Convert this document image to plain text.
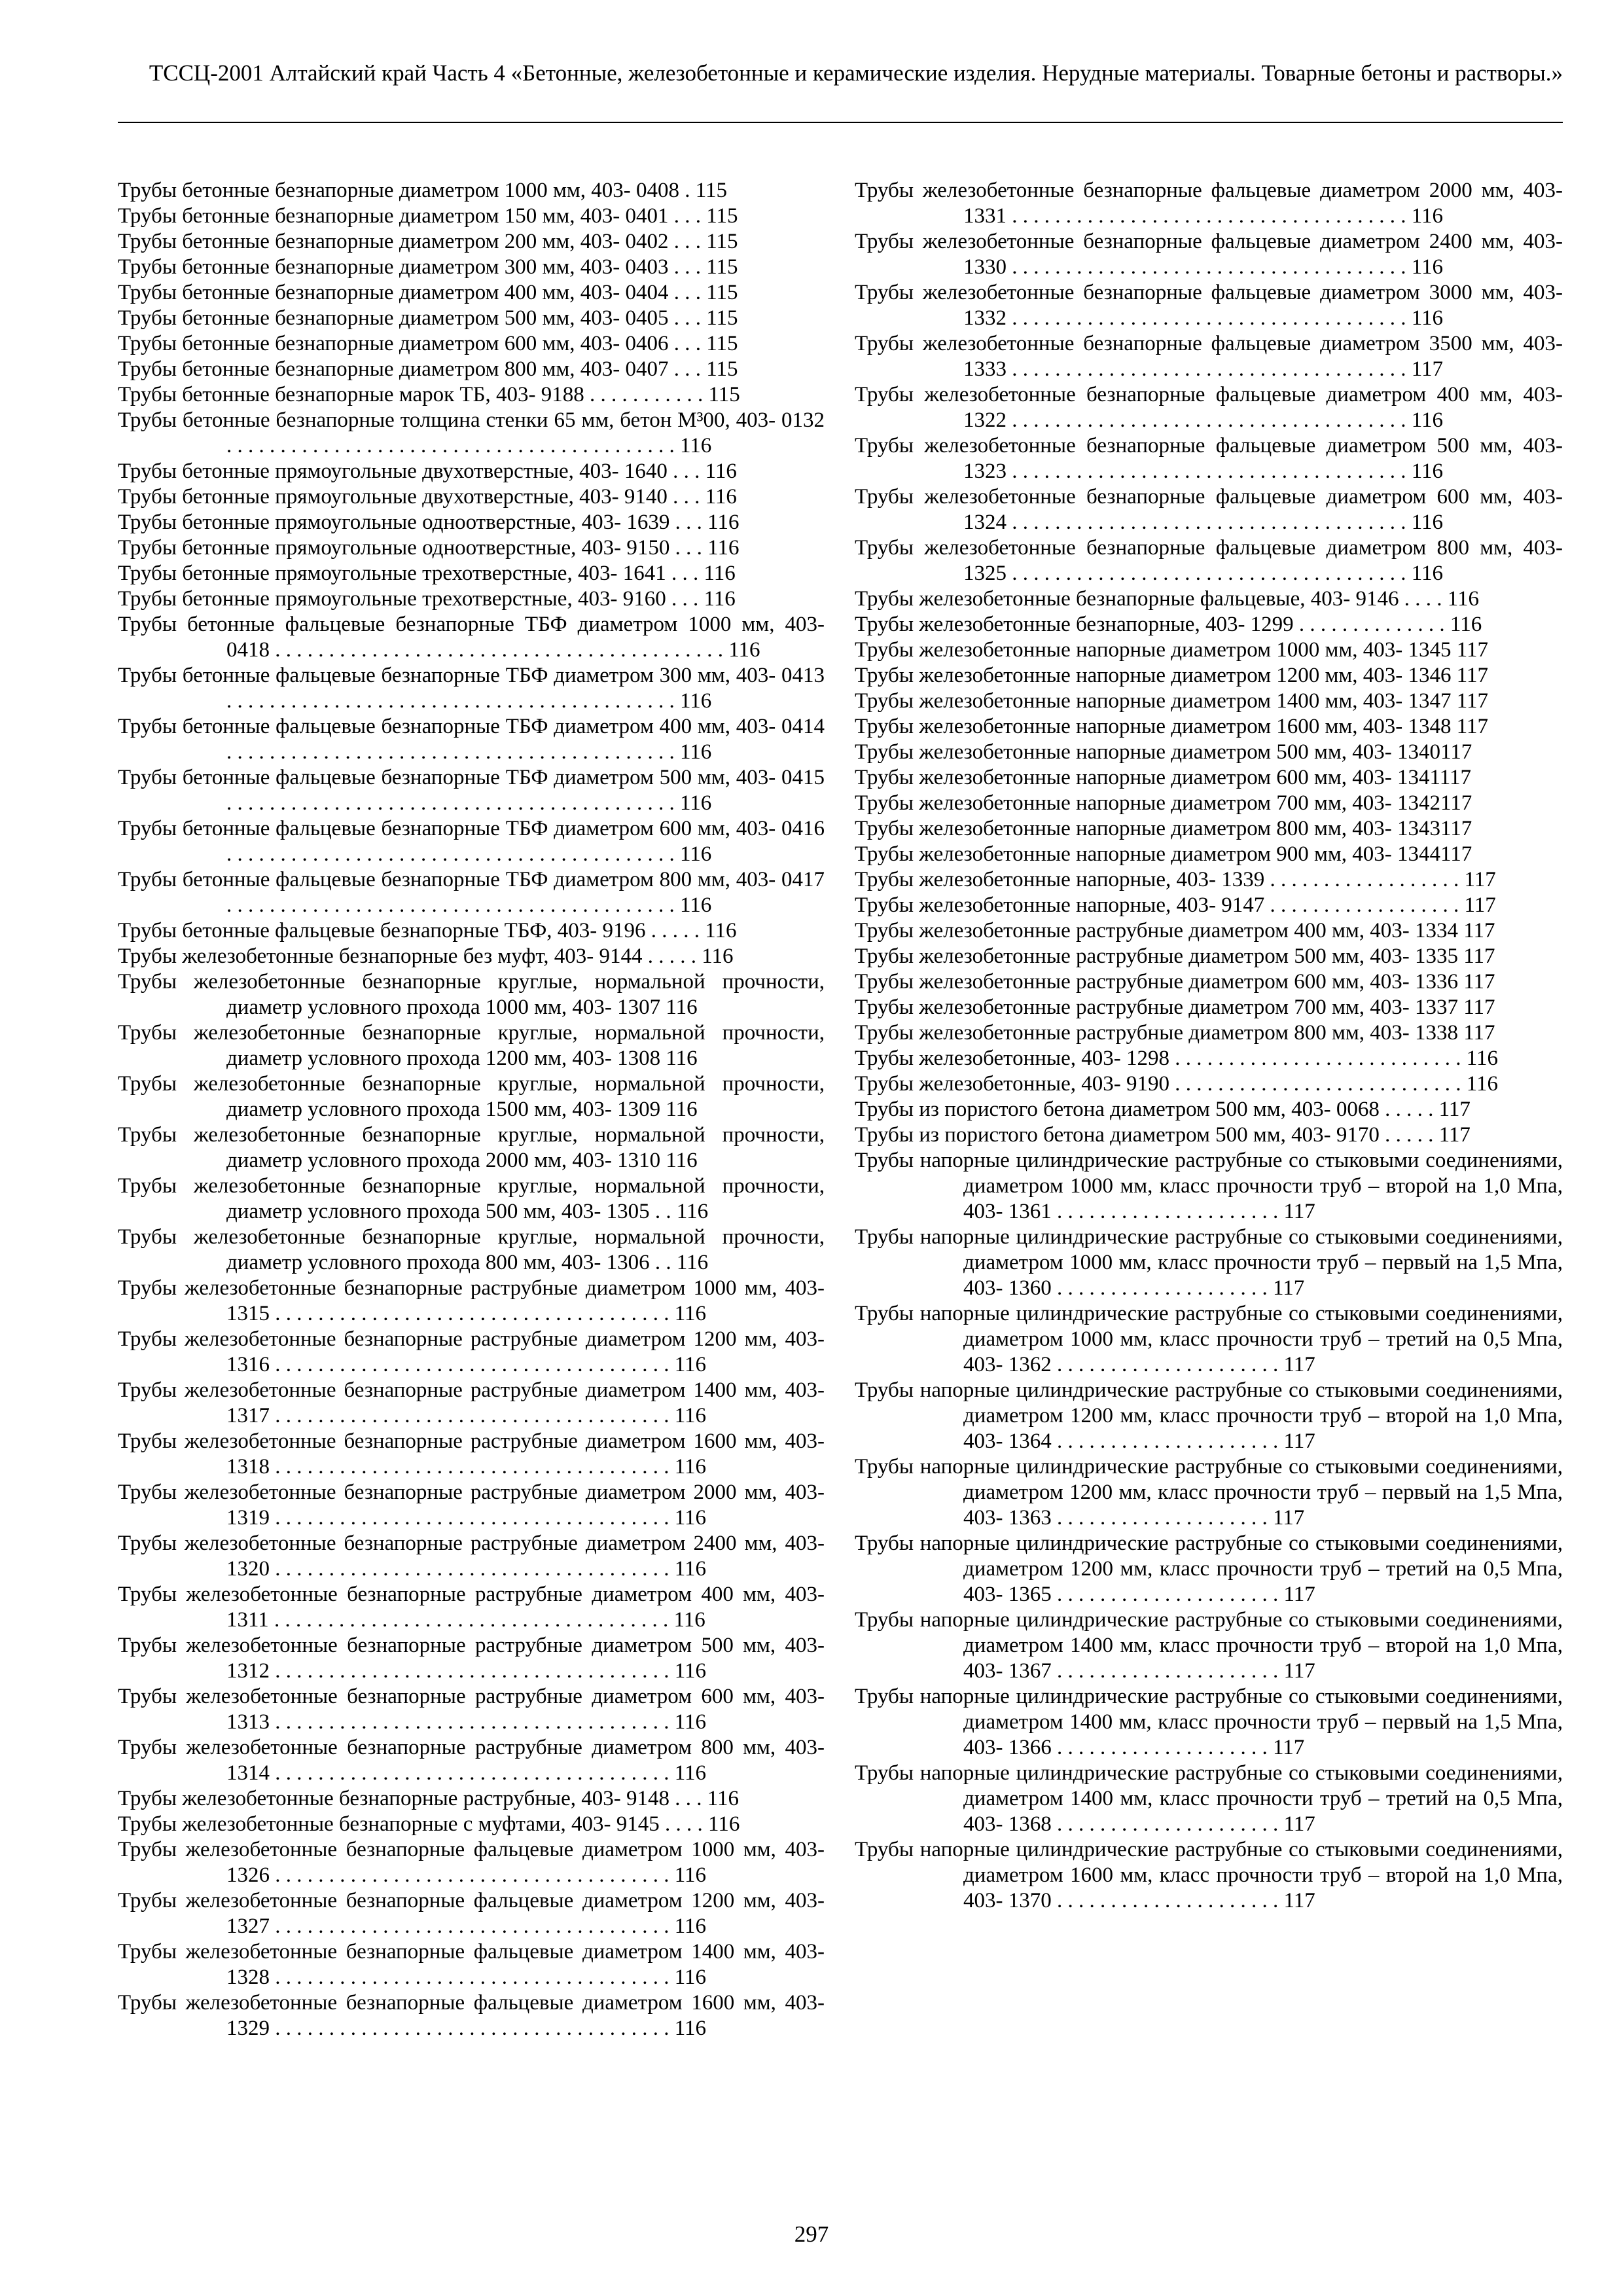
ТССЦ-2001 Алтайский край Часть 4 «Бетонные, железобетонные и керамические изделия. Нерудные материалы. Товарные бетоны и растворы.»

Трубы бетонные безнапорные диаметром 1000 мм, 403- 0408 . 115

Трубы бетонные безнапорные диаметром 150 мм, 403- 0401 . . . 115

Трубы бетонные безнапорные диаметром 200 мм, 403- 0402 . . . 115

Трубы бетонные безнапорные диаметром 300 мм, 403- 0403 . . . 115

Трубы бетонные безнапорные диаметром 400 мм, 403- 0404 . . . 115

Трубы бетонные безнапорные диаметром 500 мм, 403- 0405 . . . 115

Трубы бетонные безнапорные диаметром 600 мм, 403- 0406 . . . 115

Трубы бетонные безнапорные диаметром 800 мм, 403- 0407 . . . 115

Трубы бетонные безнапорные марок ТБ, 403- 9188 . . . . . . . . . . . 115

Трубы бетонные безнапорные толщина стенки 65 мм, бетон М³00, 403- 0132 . . . . . . . . . . . . . . . . . . . . . . . . . . . . . . . . . . . . . . . . . . 116

Трубы бетонные прямоугольные двухотверстные, 403- 1640 . . . 116

Трубы бетонные прямоугольные двухотверстные, 403- 9140 . . . 116

Трубы бетонные прямоугольные одноотверстные, 403- 1639 . . . 116

Трубы бетонные прямоугольные одноотверстные, 403- 9150 . . . 116

Трубы бетонные прямоугольные трехотверстные, 403- 1641 . . . 116

Трубы бетонные прямоугольные трехотверстные, 403- 9160 . . . 116

Трубы бетонные фальцевые безнапорные ТБФ диаметром 1000 мм, 403- 0418 . . . . . . . . . . . . . . . . . . . . . . . . . . . . . . . . . . . . . . . . . . 116

Трубы бетонные фальцевые безнапорные ТБФ диаметром 300 мм, 403- 0413 . . . . . . . . . . . . . . . . . . . . . . . . . . . . . . . . . . . . . . . . . . 116

Трубы бетонные фальцевые безнапорные ТБФ диаметром 400 мм, 403- 0414 . . . . . . . . . . . . . . . . . . . . . . . . . . . . . . . . . . . . . . . . . . 116

Трубы бетонные фальцевые безнапорные ТБФ диаметром 500 мм, 403- 0415 . . . . . . . . . . . . . . . . . . . . . . . . . . . . . . . . . . . . . . . . . . 116

Трубы бетонные фальцевые безнапорные ТБФ диаметром 600 мм, 403- 0416 . . . . . . . . . . . . . . . . . . . . . . . . . . . . . . . . . . . . . . . . . . 116

Трубы бетонные фальцевые безнапорные ТБФ диаметром 800 мм, 403- 0417 . . . . . . . . . . . . . . . . . . . . . . . . . . . . . . . . . . . . . . . . . . 116

Трубы бетонные фальцевые безнапорные ТБФ, 403- 9196 . . . . . 116

Трубы железобетонные безнапорные без муфт, 403- 9144 . . . . . 116

Трубы железобетонные безнапорные круглые, нормальной прочности, диаметр условного прохода 1000 мм, 403- 1307 116

Трубы железобетонные безнапорные круглые, нормальной прочности, диаметр условного прохода 1200 мм, 403- 1308 116

Трубы железобетонные безнапорные круглые, нормальной прочности, диаметр условного прохода 1500 мм, 403- 1309 116

Трубы железобетонные безнапорные круглые, нормальной прочности, диаметр условного прохода 2000 мм, 403- 1310 116

Трубы железобетонные безнапорные круглые, нормальной прочности, диаметр условного прохода 500 мм, 403- 1305 . . 116

Трубы железобетонные безнапорные круглые, нормальной прочности, диаметр условного прохода 800 мм, 403- 1306 . . 116

Трубы железобетонные безнапорные раструбные диаметром 1000 мм, 403- 1315 . . . . . . . . . . . . . . . . . . . . . . . . . . . . . . . . . . . . . 116

Трубы железобетонные безнапорные раструбные диаметром 1200 мм, 403- 1316 . . . . . . . . . . . . . . . . . . . . . . . . . . . . . . . . . . . . . 116

Трубы железобетонные безнапорные раструбные диаметром 1400 мм, 403- 1317 . . . . . . . . . . . . . . . . . . . . . . . . . . . . . . . . . . . . . 116

Трубы железобетонные безнапорные раструбные диаметром 1600 мм, 403- 1318 . . . . . . . . . . . . . . . . . . . . . . . . . . . . . . . . . . . . . 116

Трубы железобетонные безнапорные раструбные диаметром 2000 мм, 403- 1319 . . . . . . . . . . . . . . . . . . . . . . . . . . . . . . . . . . . . . 116

Трубы железобетонные безнапорные раструбные диаметром 2400 мм, 403- 1320 . . . . . . . . . . . . . . . . . . . . . . . . . . . . . . . . . . . . . 116

Трубы железобетонные безнапорные раструбные диаметром 400 мм, 403- 1311 . . . . . . . . . . . . . . . . . . . . . . . . . . . . . . . . . . . . . 116

Трубы железобетонные безнапорные раструбные диаметром 500 мм, 403- 1312 . . . . . . . . . . . . . . . . . . . . . . . . . . . . . . . . . . . . . 116

Трубы железобетонные безнапорные раструбные диаметром 600 мм, 403- 1313 . . . . . . . . . . . . . . . . . . . . . . . . . . . . . . . . . . . . . 116

Трубы железобетонные безнапорные раструбные диаметром 800 мм, 403- 1314 . . . . . . . . . . . . . . . . . . . . . . . . . . . . . . . . . . . . . 116

Трубы железобетонные безнапорные раструбные, 403- 9148 . . . 116

Трубы железобетонные безнапорные с муфтами, 403- 9145 . . . . 116

Трубы железобетонные безнапорные фальцевые диаметром 1000 мм, 403- 1326 . . . . . . . . . . . . . . . . . . . . . . . . . . . . . . . . . . . . . 116

Трубы железобетонные безнапорные фальцевые диаметром 1200 мм, 403- 1327 . . . . . . . . . . . . . . . . . . . . . . . . . . . . . . . . . . . . . 116

Трубы железобетонные безнапорные фальцевые диаметром 1400 мм, 403- 1328 . . . . . . . . . . . . . . . . . . . . . . . . . . . . . . . . . . . . . 116

Трубы железобетонные безнапорные фальцевые диаметром 1600 мм, 403- 1329 . . . . . . . . . . . . . . . . . . . . . . . . . . . . . . . . . . . . . 116

Трубы железобетонные безнапорные фальцевые диаметром 2000 мм, 403- 1331 . . . . . . . . . . . . . . . . . . . . . . . . . . . . . . . . . . . . . 116

Трубы железобетонные безнапорные фальцевые диаметром 2400 мм, 403- 1330 . . . . . . . . . . . . . . . . . . . . . . . . . . . . . . . . . . . . . 116

Трубы железобетонные безнапорные фальцевые диаметром 3000 мм, 403- 1332 . . . . . . . . . . . . . . . . . . . . . . . . . . . . . . . . . . . . . 116

Трубы железобетонные безнапорные фальцевые диаметром 3500 мм, 403- 1333 . . . . . . . . . . . . . . . . . . . . . . . . . . . . . . . . . . . . . 117

Трубы железобетонные безнапорные фальцевые диаметром 400 мм, 403- 1322 . . . . . . . . . . . . . . . . . . . . . . . . . . . . . . . . . . . . . 116

Трубы железобетонные безнапорные фальцевые диаметром 500 мм, 403- 1323 . . . . . . . . . . . . . . . . . . . . . . . . . . . . . . . . . . . . . 116

Трубы железобетонные безнапорные фальцевые диаметром 600 мм, 403- 1324 . . . . . . . . . . . . . . . . . . . . . . . . . . . . . . . . . . . . . 116

Трубы железобетонные безнапорные фальцевые диаметром 800 мм, 403- 1325 . . . . . . . . . . . . . . . . . . . . . . . . . . . . . . . . . . . . . 116

Трубы железобетонные безнапорные фальцевые, 403- 9146 . . . . 116

Трубы железобетонные безнапорные, 403- 1299 . . . . . . . . . . . . . . 116

Трубы железобетонные напорные диаметром 1000 мм, 403- 1345 117

Трубы железобетонные напорные диаметром 1200 мм, 403- 1346 117

Трубы железобетонные напорные диаметром 1400 мм, 403- 1347 117

Трубы железобетонные напорные диаметром 1600 мм, 403- 1348 117

Трубы железобетонные напорные диаметром 500 мм, 403- 1340117

Трубы железобетонные напорные диаметром 600 мм, 403- 1341117

Трубы железобетонные напорные диаметром 700 мм, 403- 1342117

Трубы железобетонные напорные диаметром 800 мм, 403- 1343117

Трубы железобетонные напорные диаметром 900 мм, 403- 1344117

Трубы железобетонные напорные, 403- 1339 . . . . . . . . . . . . . . . . . . 117

Трубы железобетонные напорные, 403- 9147 . . . . . . . . . . . . . . . . . . 117

Трубы железобетонные раструбные диаметром 400 мм, 403- 1334 117

Трубы железобетонные раструбные диаметром 500 мм, 403- 1335 117

Трубы железобетонные раструбные диаметром 600 мм, 403- 1336 117

Трубы железобетонные раструбные диаметром 700 мм, 403- 1337 117

Трубы железобетонные раструбные диаметром 800 мм, 403- 1338 117

Трубы железобетонные, 403- 1298 . . . . . . . . . . . . . . . . . . . . . . . . . . . 116

Трубы железобетонные, 403- 9190 . . . . . . . . . . . . . . . . . . . . . . . . . . . 116

Трубы из пористого бетона диаметром 500 мм, 403- 0068 . . . . . 117

Трубы из пористого бетона диаметром 500 мм, 403- 9170 . . . . . 117

Трубы напорные цилиндрические раструбные со стыковыми соединениями, диаметром 1000 мм, класс прочности труб – второй на 1,0 Мпа, 403- 1361 . . . . . . . . . . . . . . . . . . . . . 117

Трубы напорные цилиндрические раструбные со стыковыми соединениями, диаметром 1000 мм, класс прочности труб – первый на 1,5 Мпа, 403- 1360 . . . . . . . . . . . . . . . . . . . . 117

Трубы напорные цилиндрические раструбные со стыковыми соединениями, диаметром 1000 мм, класс прочности труб – третий на 0,5 Мпа, 403- 1362 . . . . . . . . . . . . . . . . . . . . . 117

Трубы напорные цилиндрические раструбные со стыковыми соединениями, диаметром 1200 мм, класс прочности труб – второй на 1,0 Мпа, 403- 1364 . . . . . . . . . . . . . . . . . . . . . 117

Трубы напорные цилиндрические раструбные со стыковыми соединениями, диаметром 1200 мм, класс прочности труб – первый на 1,5 Мпа, 403- 1363 . . . . . . . . . . . . . . . . . . . . 117

Трубы напорные цилиндрические раструбные со стыковыми соединениями, диаметром 1200 мм, класс прочности труб – третий на 0,5 Мпа, 403- 1365 . . . . . . . . . . . . . . . . . . . . . 117

Трубы напорные цилиндрические раструбные со стыковыми соединениями, диаметром 1400 мм, класс прочности труб – второй на 1,0 Мпа, 403- 1367 . . . . . . . . . . . . . . . . . . . . . 117

Трубы напорные цилиндрические раструбные со стыковыми соединениями, диаметром 1400 мм, класс прочности труб – первый на 1,5 Мпа, 403- 1366 . . . . . . . . . . . . . . . . . . . . 117

Трубы напорные цилиндрические раструбные со стыковыми соединениями, диаметром 1400 мм, класс прочности труб – третий на 0,5 Мпа, 403- 1368 . . . . . . . . . . . . . . . . . . . . . 117

Трубы напорные цилиндрические раструбные со стыковыми соединениями, диаметром 1600 мм, класс прочности труб – второй на 1,0 Мпа, 403- 1370 . . . . . . . . . . . . . . . . . . . . . 117

297
